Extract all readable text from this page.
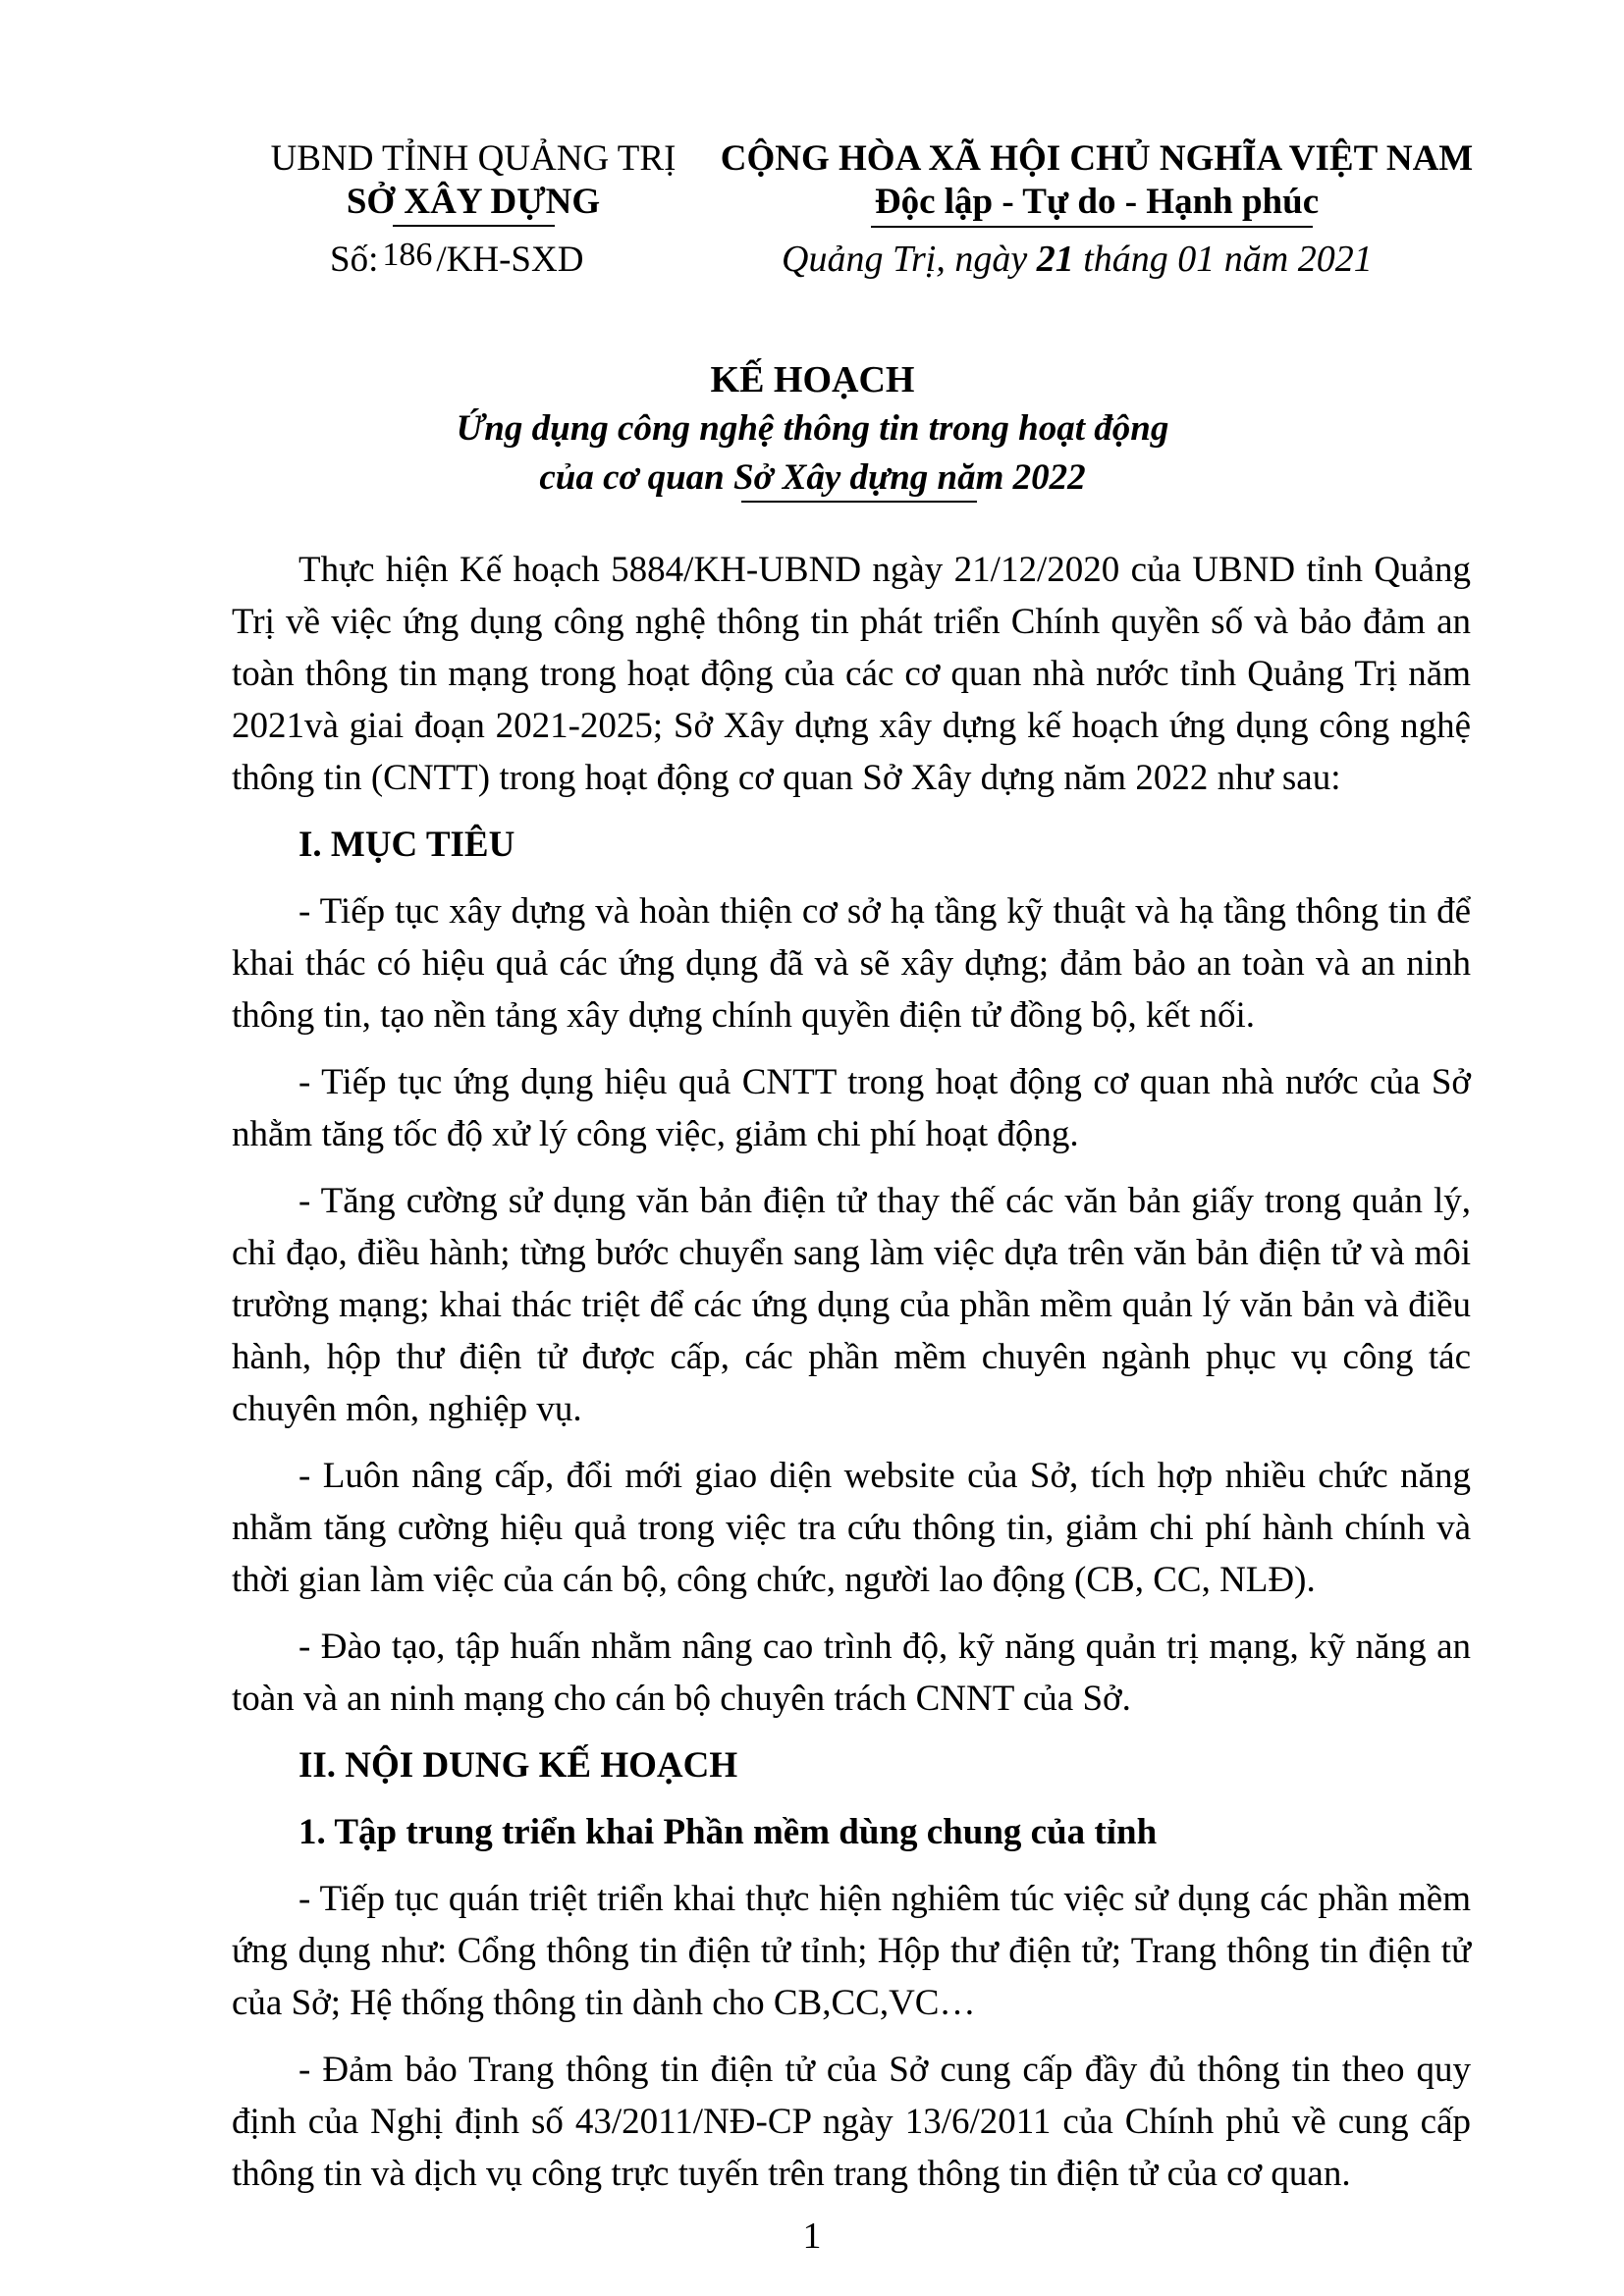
UBND TỈNH QUẢNG TRỊ
SỞ XÂY DỰNG
Số: 186 /KH-SXD
CỘNG HÒA XÃ HỘI CHỦ NGHĨA VIỆT NAM
Độc lập - Tự do - Hạnh phúc
Quảng Trị, ngày 21 tháng 01 năm 2021
KẾ HOẠCH
Ứng dụng công nghệ thông tin trong hoạt động
của cơ quan Sở Xây dựng năm 2022

Thực hiện Kế hoạch 5884/KH-UBND ngày 21/12/2020 của UBND tỉnh Quảng Trị về việc ứng dụng công nghệ thông tin phát triển Chính quyền số và bảo đảm an toàn thông tin mạng trong hoạt động của các cơ quan nhà nước tỉnh Quảng Trị năm 2021và giai đoạn 2021-2025; Sở Xây dựng xây dựng kế hoạch ứng dụng công nghệ thông tin (CNTT) trong hoạt động cơ quan Sở Xây dựng năm 2022 như sau:

I. MỤC TIÊU

- Tiếp tục xây dựng và hoàn thiện cơ sở hạ tầng kỹ thuật và hạ tầng thông tin để khai thác có hiệu quả các ứng dụng đã và sẽ xây dựng; đảm bảo an toàn và an ninh thông tin, tạo nền tảng xây dựng chính quyền điện tử đồng bộ, kết nối.

- Tiếp tục ứng dụng hiệu quả CNTT trong hoạt động cơ quan nhà nước của Sở nhằm tăng tốc độ xử lý công việc, giảm chi phí hoạt động.

- Tăng cường sử dụng văn bản điện tử thay thế các văn bản giấy trong quản lý, chỉ đạo, điều hành; từng bước chuyển sang làm việc dựa trên văn bản điện tử và môi trường mạng; khai thác triệt để các ứng dụng của phần mềm quản lý văn bản và điều hành, hộp thư điện tử được cấp, các phần mềm chuyên ngành phục vụ công tác chuyên môn, nghiệp vụ.

- Luôn nâng cấp, đổi mới giao diện website của Sở, tích hợp nhiều chức năng nhằm tăng cường hiệu quả trong việc tra cứu thông tin, giảm chi phí hành chính và thời gian làm việc của cán bộ, công chức, người lao động (CB, CC, NLĐ).

- Đào tạo, tập huấn nhằm nâng cao trình độ, kỹ năng quản trị mạng, kỹ năng an toàn và an ninh mạng cho cán bộ chuyên trách CNNT của Sở.

II. NỘI DUNG KẾ HOẠCH
1. Tập trung triển khai Phần mềm dùng chung của tỉnh

- Tiếp tục quán triệt triển khai thực hiện nghiêm túc việc sử dụng các phần mềm ứng dụng như: Cổng thông tin điện tử tỉnh; Hộp thư điện tử; Trang thông tin điện tử của Sở; Hệ thống thông tin dành cho CB,CC,VC…

- Đảm bảo Trang thông tin điện tử của Sở cung cấp đầy đủ thông tin theo quy định của Nghị định số 43/2011/NĐ-CP ngày 13/6/2011 của Chính phủ về cung cấp thông tin và dịch vụ công trực tuyến trên trang thông tin điện tử của cơ quan.

1
